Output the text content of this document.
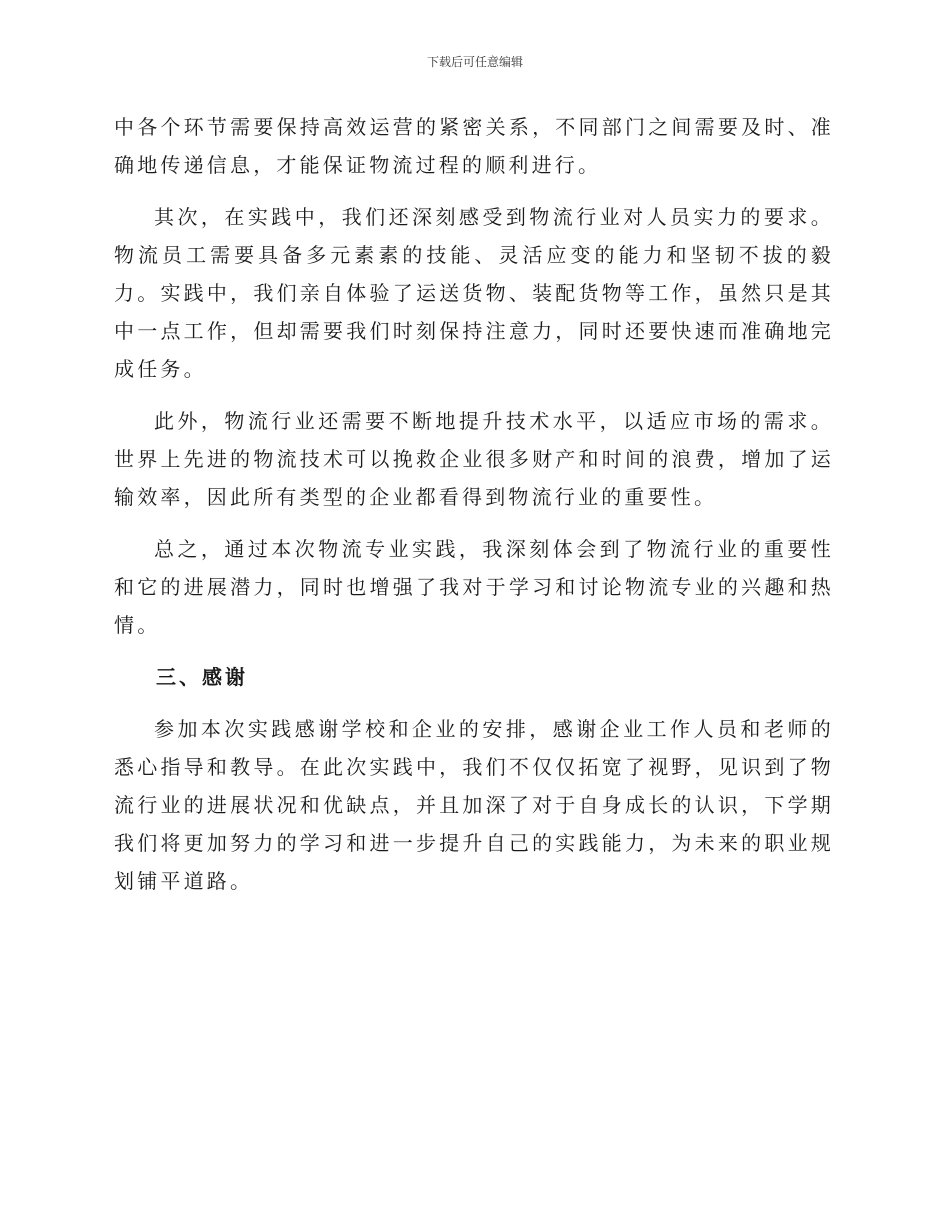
下载后可任意编辑

中各个环节需要保持高效运营的紧密关系，不同部门之间需要及时、准确地传递信息，才能保证物流过程的顺利进行。

其次，在实践中，我们还深刻感受到物流行业对人员实力的要求。物流员工需要具备多元素素的技能、灵活应变的能力和坚韧不拔的毅力。实践中，我们亲自体验了运送货物、装配货物等工作，虽然只是其中一点工作，但却需要我们时刻保持注意力，同时还要快速而准确地完成任务。

此外，物流行业还需要不断地提升技术水平，以适应市场的需求。世界上先进的物流技术可以挽救企业很多财产和时间的浪费，增加了运输效率，因此所有类型的企业都看得到物流行业的重要性。

总之，通过本次物流专业实践，我深刻体会到了物流行业的重要性和它的进展潜力，同时也增强了我对于学习和讨论物流专业的兴趣和热情。

三、感谢

参加本次实践感谢学校和企业的安排，感谢企业工作人员和老师的悉心指导和教导。在此次实践中，我们不仅仅拓宽了视野，见识到了物流行业的进展状况和优缺点，并且加深了对于自身成长的认识，下学期我们将更加努力的学习和进一步提升自己的实践能力，为未来的职业规划铺平道路。
